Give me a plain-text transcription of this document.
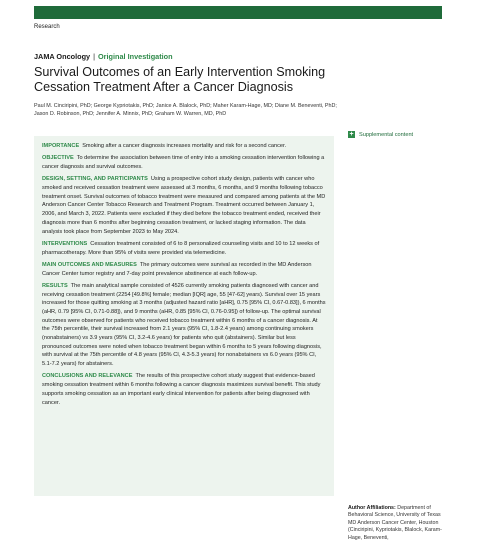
Research
JAMA Oncology | Original Investigation
Survival Outcomes of an Early Intervention Smoking Cessation Treatment After a Cancer Diagnosis
Paul M. Cinciripini, PhD; George Kypriotakis, PhD; Janice A. Blalock, PhD; Maher Karam-Hage, MD; Diane M. Beneventi, PhD; Jason D. Robinson, PhD; Jennifer A. Minnix, PhD; Graham W. Warren, MD, PhD
+ Supplemental content

IMPORTANCE Smoking after a cancer diagnosis increases mortality and risk for a second cancer.

OBJECTIVE To determine the association between time of entry into a smoking cessation intervention following a cancer diagnosis and survival outcomes.

DESIGN, SETTING, AND PARTICIPANTS Using a prospective cohort study design, patients with cancer who smoked and received cessation treatment were assessed at 3 months, 6 months, and 9 months following tobacco treatment onset. Survival outcomes of tobacco treatment were measured and compared among patients at the MD Anderson Cancer Center Tobacco Research and Treatment Program. Treatment occurred between January 1, 2006, and March 3, 2022. Patients were excluded if they died before the tobacco treatment ended, received their diagnosis more than 6 months after beginning cessation treatment, or lacked staging information. The data analysis took place from September 2023 to May 2024.

INTERVENTIONS Cessation treatment consisted of 6 to 8 personalized counseling visits and 10 to 12 weeks of pharmacotherapy. More than 95% of visits were provided via telemedicine.

MAIN OUTCOMES AND MEASURES The primary outcomes were survival as recorded in the MD Anderson Cancer Center tumor registry and 7-day point prevalence abstinence at each follow-up.

RESULTS The main analytical sample consisted of 4526 currently smoking patients diagnosed with cancer and receiving cessation treatment (2254 [49.8%] female; median [IQR] age, 55 [47-62] years). Survival over 15 years increased for those quitting smoking at 3 months (adjusted hazard ratio [aHR], 0.75 [95% CI, 0.67-0.83]), 6 months (aHR, 0.79 [95% CI, 0.71-0.88]), and 9 months (aHR, 0.85 [95% CI, 0.76-0.95]) of follow-up. The optimal survival outcomes were observed for patients who received tobacco treatment within 6 months of a cancer diagnosis. At the 75th percentile, their survival increased from 2.1 years (95% CI, 1.8-2.4 years) among continuing smokers (nonabstainers) vs 3.9 years (95% CI, 3.2-4.6 years) for patients who quit (abstainers). Similar but less pronounced outcomes were noted when tobacco treatment began within 6 months to 5 years following diagnosis, with survival at the 75th percentile of 4.8 years (95% CI, 4.3-5.3 years) for nonabstainers vs 6.0 years (95% CI, 5.1-7.2 years) for abstainers.

CONCLUSIONS AND RELEVANCE The results of this prospective cohort study suggest that evidence-based smoking cessation treatment within 6 months following a cancer diagnosis maximizes survival benefit. This study supports smoking cessation as an important early clinical intervention for patients after being diagnosed with cancer.

Author Affiliations: Department of Behavioral Science, University of Texas MD Anderson Cancer Center, Houston (Cinciripini, Kypriotakis, Blalock, Karam-Hage, Beneventi,
